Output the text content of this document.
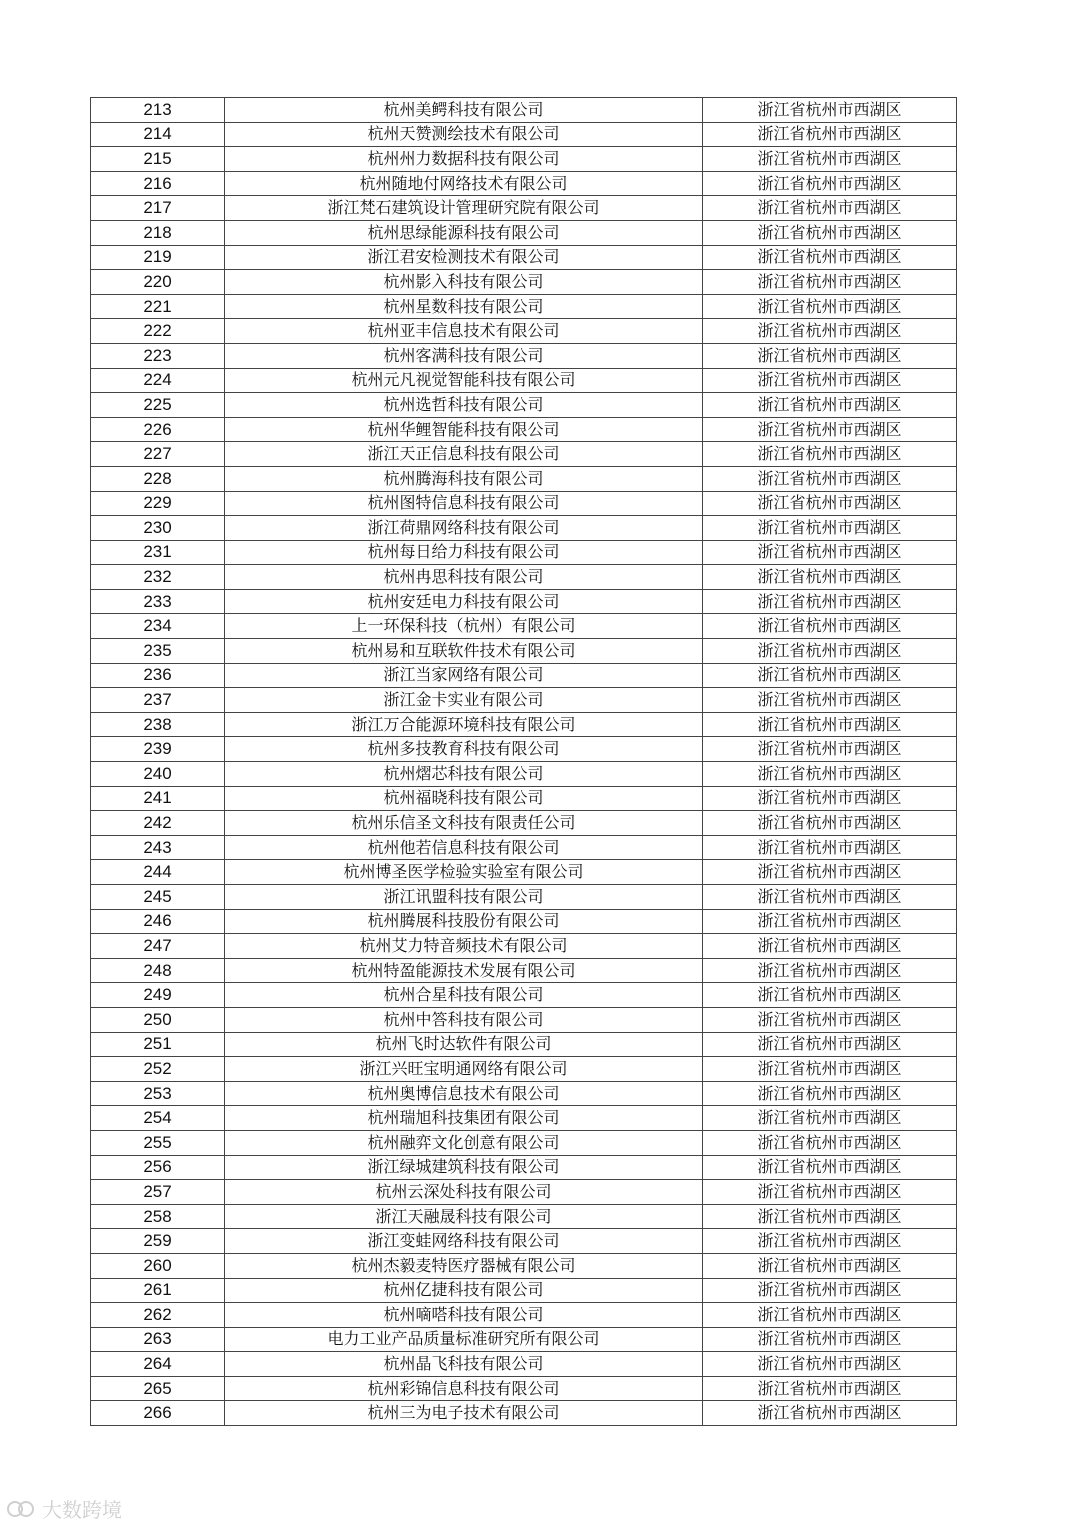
213	杭州美鳄科技有限公司	浙江省杭州市西湖区
214	杭州天赞测绘技术有限公司	浙江省杭州市西湖区
215	杭州州力数据科技有限公司	浙江省杭州市西湖区
216	杭州随地付网络技术有限公司	浙江省杭州市西湖区
217	浙江梵石建筑设计管理研究院有限公司	浙江省杭州市西湖区
218	杭州思绿能源科技有限公司	浙江省杭州市西湖区
219	浙江君安检测技术有限公司	浙江省杭州市西湖区
220	杭州影入科技有限公司	浙江省杭州市西湖区
221	杭州星数科技有限公司	浙江省杭州市西湖区
222	杭州亚丰信息技术有限公司	浙江省杭州市西湖区
223	杭州客满科技有限公司	浙江省杭州市西湖区
224	杭州元凡视觉智能科技有限公司	浙江省杭州市西湖区
225	杭州选哲科技有限公司	浙江省杭州市西湖区
226	杭州华鲤智能科技有限公司	浙江省杭州市西湖区
227	浙江天正信息科技有限公司	浙江省杭州市西湖区
228	杭州腾海科技有限公司	浙江省杭州市西湖区
229	杭州图特信息科技有限公司	浙江省杭州市西湖区
230	浙江荷鼎网络科技有限公司	浙江省杭州市西湖区
231	杭州每日给力科技有限公司	浙江省杭州市西湖区
232	杭州冉思科技有限公司	浙江省杭州市西湖区
233	杭州安廷电力科技有限公司	浙江省杭州市西湖区
234	上一环保科技（杭州）有限公司	浙江省杭州市西湖区
235	杭州易和互联软件技术有限公司	浙江省杭州市西湖区
236	浙江当家网络有限公司	浙江省杭州市西湖区
237	浙江金卡实业有限公司	浙江省杭州市西湖区
238	浙江万合能源环境科技有限公司	浙江省杭州市西湖区
239	杭州多技教育科技有限公司	浙江省杭州市西湖区
240	杭州熠芯科技有限公司	浙江省杭州市西湖区
241	杭州福晓科技有限公司	浙江省杭州市西湖区
242	杭州乐信圣文科技有限责任公司	浙江省杭州市西湖区
243	杭州他若信息科技有限公司	浙江省杭州市西湖区
244	杭州博圣医学检验实验室有限公司	浙江省杭州市西湖区
245	浙江讯盟科技有限公司	浙江省杭州市西湖区
246	杭州腾展科技股份有限公司	浙江省杭州市西湖区
247	杭州艾力特音频技术有限公司	浙江省杭州市西湖区
248	杭州特盈能源技术发展有限公司	浙江省杭州市西湖区
249	杭州合星科技有限公司	浙江省杭州市西湖区
250	杭州中答科技有限公司	浙江省杭州市西湖区
251	杭州飞时达软件有限公司	浙江省杭州市西湖区
252	浙江兴旺宝明通网络有限公司	浙江省杭州市西湖区
253	杭州奥博信息技术有限公司	浙江省杭州市西湖区
254	杭州瑞旭科技集团有限公司	浙江省杭州市西湖区
255	杭州融弈文化创意有限公司	浙江省杭州市西湖区
256	浙江绿城建筑科技有限公司	浙江省杭州市西湖区
257	杭州云深处科技有限公司	浙江省杭州市西湖区
258	浙江天融晟科技有限公司	浙江省杭州市西湖区
259	浙江变蛙网络科技有限公司	浙江省杭州市西湖区
260	杭州杰毅麦特医疗器械有限公司	浙江省杭州市西湖区
261	杭州亿捷科技有限公司	浙江省杭州市西湖区
262	杭州嘀嗒科技有限公司	浙江省杭州市西湖区
263	电力工业产品质量标准研究所有限公司	浙江省杭州市西湖区
264	杭州晶飞科技有限公司	浙江省杭州市西湖区
265	杭州彩锦信息科技有限公司	浙江省杭州市西湖区
266	杭州三为电子技术有限公司	浙江省杭州市西湖区
大数跨境
